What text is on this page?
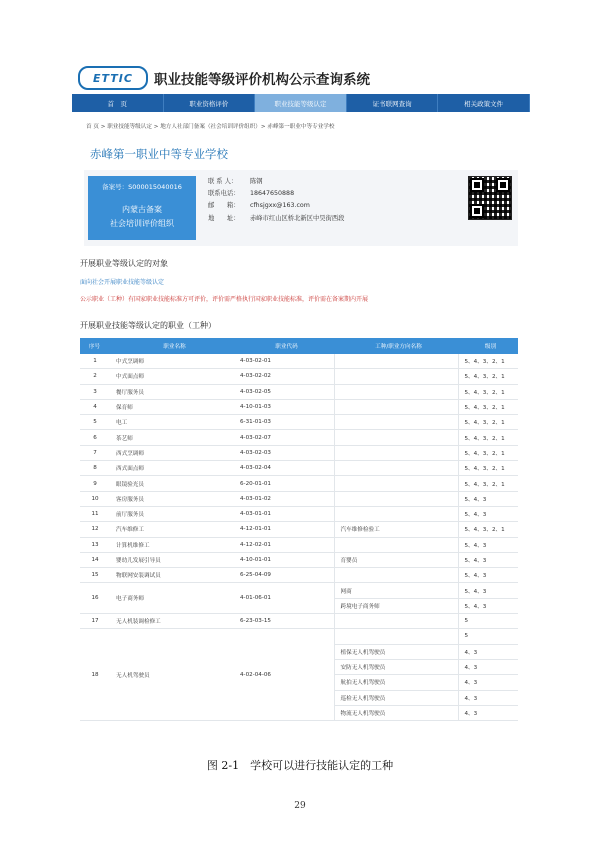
ETTIC	职业技能等级评价机构公示查询系统
首　页	职业资格评价	职业技能等级认定	证书联网查询	相关政策文件
首 页 > 职业技能等级认定 > 地方人社部门备案（社会培训评价组织）> 赤峰第一职业中等专业学校
赤峰第一职业中等专业学校
备案号：S000015040016
内蒙古备案
社会培训评价组织
联 系 人： 陈钢
联系电话： 18647650888
邮　　箱： cfhsjgxx@163.com
地　　址： 赤峰市红山区桥北新区中昊街西段
开展职业等级认定的对象
面向社会开展职业技能等级认定
公示职业（工种）有国家职业技能标准方可评价，评价需严格执行国家职业技能标准，评价需在备案期内开展
开展职业技能等级认定的职业（工种）
序号	职业名称	职业代码	工种/职业方向名称	级别
1	中式烹调师	4-03-02-01		5、4、3、2、1
2	中式面点师	4-03-02-02		5、4、3、2、1
3	餐厅服务员	4-03-02-05		5、4、3、2、1
4	保育师	4-10-01-03		5、4、3、2、1
5	电工	6-31-01-03		5、4、3、2、1
6	茶艺师	4-03-02-07		5、4、3、2、1
7	西式烹调师	4-03-02-03		5、4、3、2、1
8	西式面点师	4-03-02-04		5、4、3、2、1
9	眼镜验光员	6-20-01-01		5、4、3、2、1
10	客房服务员	4-03-01-02		5、4、3
11	前厅服务员	4-03-01-01		5、4、3
12	汽车维修工	4-12-01-01	汽车维修检验工	5、4、3、2、1
13	计算机维修工	4-12-02-01		5、4、3
14	婴幼儿发展引导员	4-10-01-01	育婴员	5、4、3
15	物联网安装调试员	6-25-04-09		5、4、3
16	电子商务师	4-01-06-01	网商	5、4、3
			跨境电子商务师	5、4、3
17	无人机装调检修工	6-23-03-15		5
18	无人机驾驶员	4-02-04-06		5
			植保无人机驾驶员	4、3
			安防无人机驾驶员	4、3
			航拍无人机驾驶员	4、3
			巡检无人机驾驶员	4、3
			物流无人机驾驶员	4、3
图 2-1　学校可以进行技能认定的工种
29
